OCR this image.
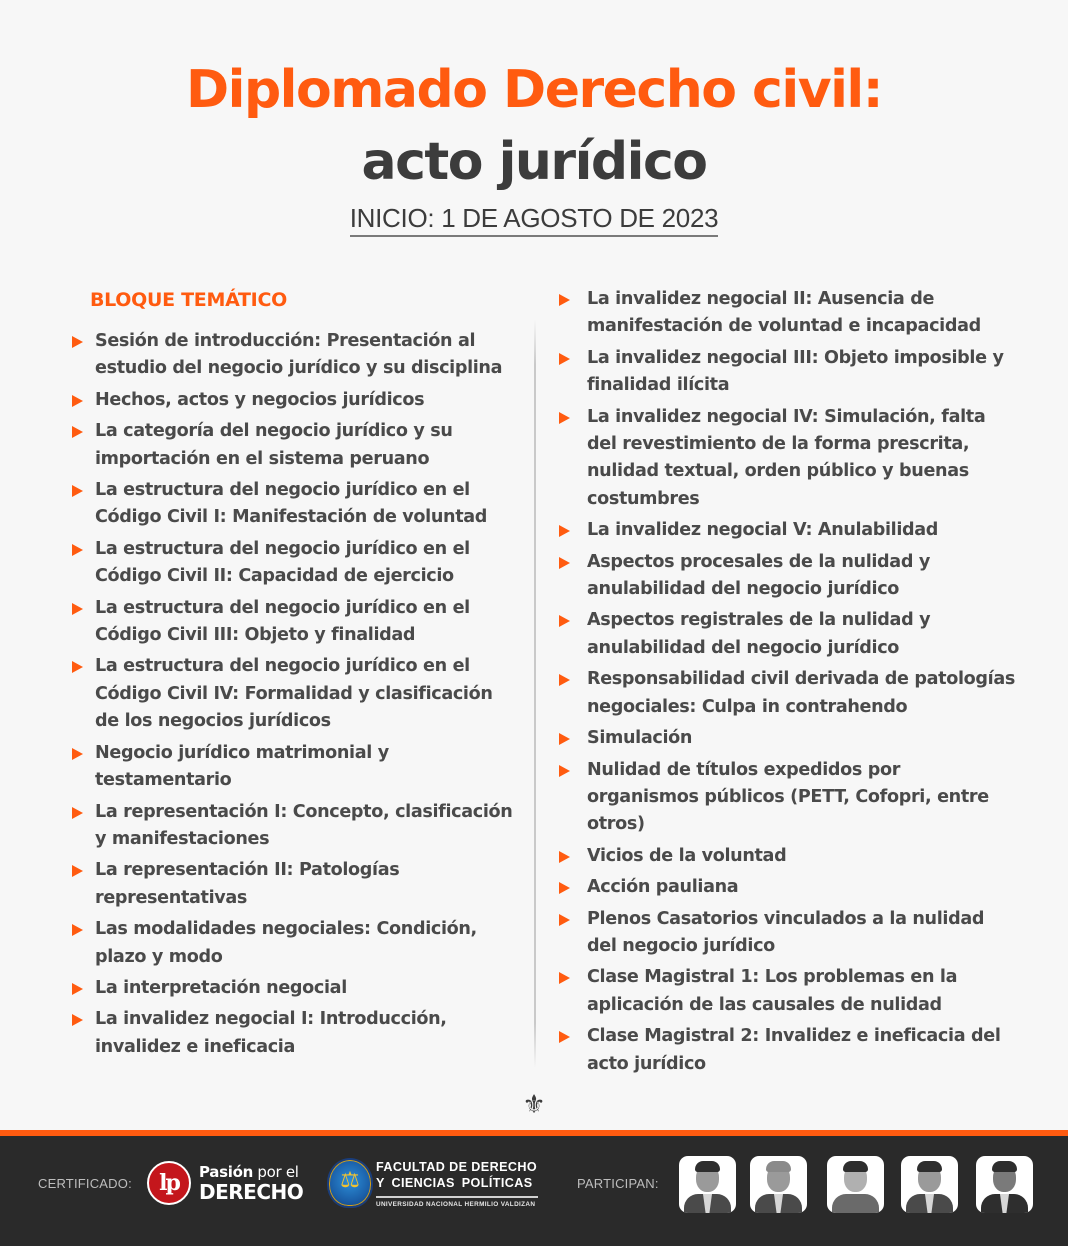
Diplomado Derecho civil:
acto jurídico
INICIO: 1 DE AGOSTO DE 2023
BLOQUE TEMÁTICO
Sesión de introducción: Presentación al estudio del negocio jurídico y su disciplina
Hechos, actos y negocios jurídicos
La categoría del negocio jurídico y su importación en el sistema peruano
La estructura del negocio jurídico en el Código Civil I: Manifestación de voluntad
La estructura del negocio jurídico en el Código Civil II: Capacidad de ejercicio
La estructura del negocio jurídico en el Código Civil III: Objeto y finalidad
La estructura del negocio jurídico en el Código Civil IV: Formalidad y clasificación de los negocios jurídicos
Negocio jurídico matrimonial y testamentario
La representación I: Concepto, clasificación y manifestaciones
La representación II: Patologías representativas
Las modalidades negociales: Condición, plazo y modo
La interpretación negocial
La invalidez negocial I: Introducción, invalidez e ineficacia
La invalidez negocial II: Ausencia de manifestación de voluntad e incapacidad
La invalidez negocial III: Objeto imposible y finalidad ilícita
La invalidez negocial IV: Simulación, falta del revestimiento de la forma prescrita, nulidad textual, orden público y buenas costumbres
La invalidez negocial V: Anulabilidad
Aspectos procesales de la nulidad y anulabilidad del negocio jurídico
Aspectos registrales de la nulidad y anulabilidad del negocio jurídico
Responsabilidad civil derivada de patologías negociales: Culpa in contrahendo
Simulación
Nulidad de títulos expedidos por organismos públicos (PETT, Cofopri, entre otros)
Vicios de la voluntad
Acción pauliana
Plenos Casatorios vinculados a la nulidad del negocio jurídico
Clase Magistral 1: Los problemas en la aplicación de las causales de nulidad
Clase Magistral 2: Invalidez e ineficacia del acto jurídico
⚜
CERTIFICADO:	lp	Pasión por el
DERECHO	⚖
FACULTAD DE DERECHO
Y CIENCIAS POLÍTICAS
UNIVERSIDAD NACIONAL HERMILIO VALDIZAN
PARTICIPAN:
